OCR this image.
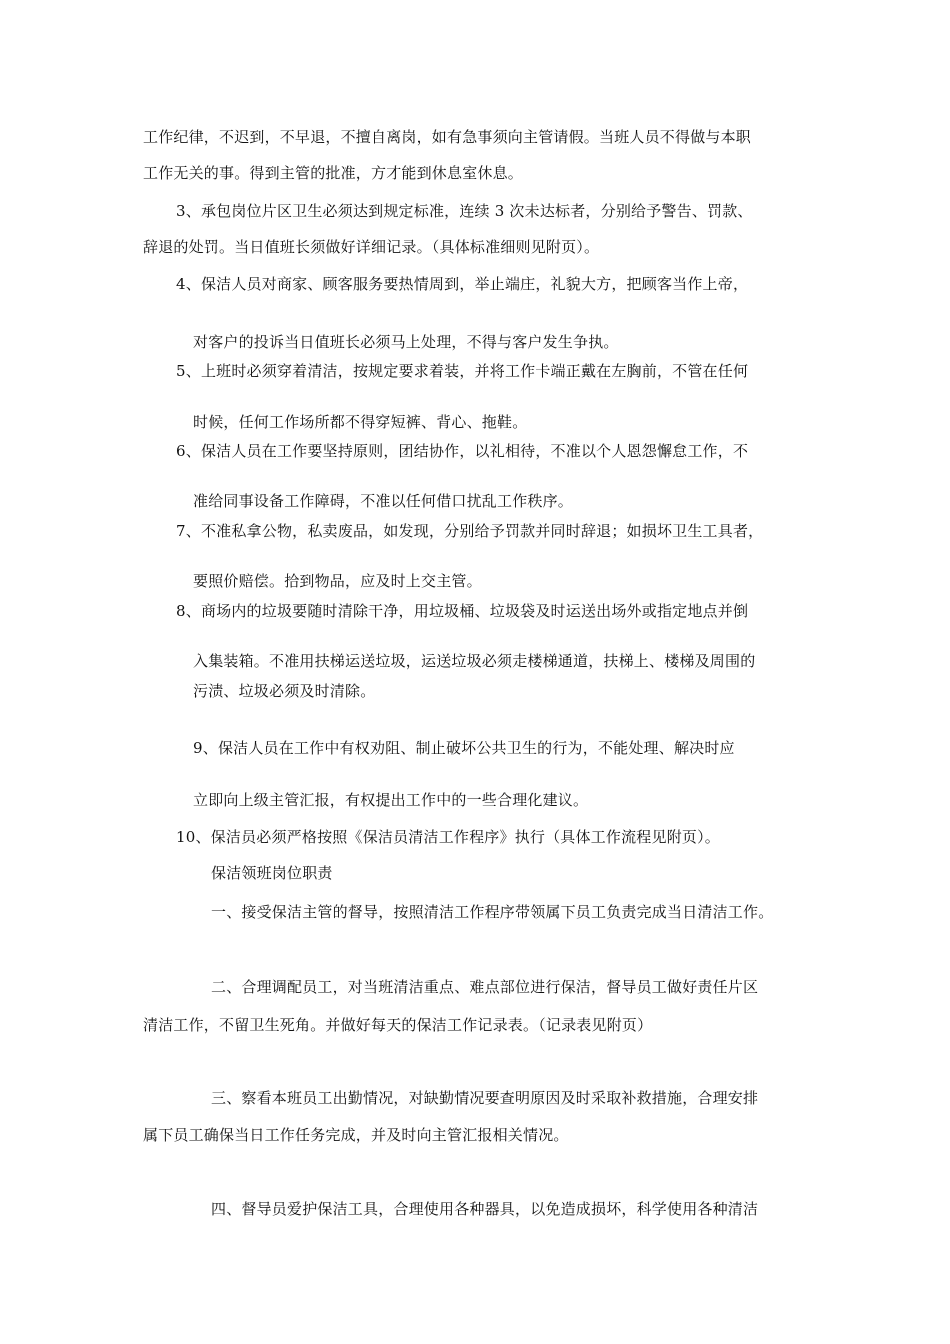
工作纪律，不迟到，不早退，不擅自离岗，如有急事须向主管请假。当班人员不得做与本职
工作无关的事。得到主管的批准，方才能到休息室休息。
3、承包岗位片区卫生必须达到规定标准，连续 3 次未达标者，分别给予警告、罚款、
辞退的处罚。当日值班长须做好详细记录。（具体标准细则见附页）。
4、保洁人员对商家、顾客服务要热情周到，举止端庄，礼貌大方，把顾客当作上帝，
对客户的投诉当日值班长必须马上处理，不得与客户发生争执。
5、上班时必须穿着清洁，按规定要求着装，并将工作卡端正戴在左胸前，不管在任何
时候，任何工作场所都不得穿短裤、背心、拖鞋。
6、保洁人员在工作要坚持原则，团结协作，以礼相待，不准以个人恩怨懈怠工作，不
准给同事设备工作障碍，不准以任何借口扰乱工作秩序。
7、不准私拿公物，私卖废品，如发现，分别给予罚款并同时辞退；如损坏卫生工具者，
要照价赔偿。拾到物品，应及时上交主管。
8、商场内的垃圾要随时清除干净，用垃圾桶、垃圾袋及时运送出场外或指定地点并倒
入集装箱。不准用扶梯运送垃圾，运送垃圾必须走楼梯通道，扶梯上、楼梯及周围的
污渍、垃圾必须及时清除。
9、保洁人员在工作中有权劝阻、制止破坏公共卫生的行为，不能处理、解决时应
立即向上级主管汇报，有权提出工作中的一些合理化建议。
10、保洁员必须严格按照《保洁员清洁工作程序》执行（具体工作流程见附页）。
保洁领班岗位职责
一、接受保洁主管的督导，按照清洁工作程序带领属下员工负责完成当日清洁工作。
二、合理调配员工，对当班清洁重点、难点部位进行保洁，督导员工做好责任片区
清洁工作，不留卫生死角。并做好每天的保洁工作记录表。（记录表见附页）
三、察看本班员工出勤情况，对缺勤情况要查明原因及时采取补救措施，合理安排
属下员工确保当日工作任务完成，并及时向主管汇报相关情况。
四、督导员爱护保洁工具，合理使用各种器具，以免造成损坏，科学使用各种清洁
